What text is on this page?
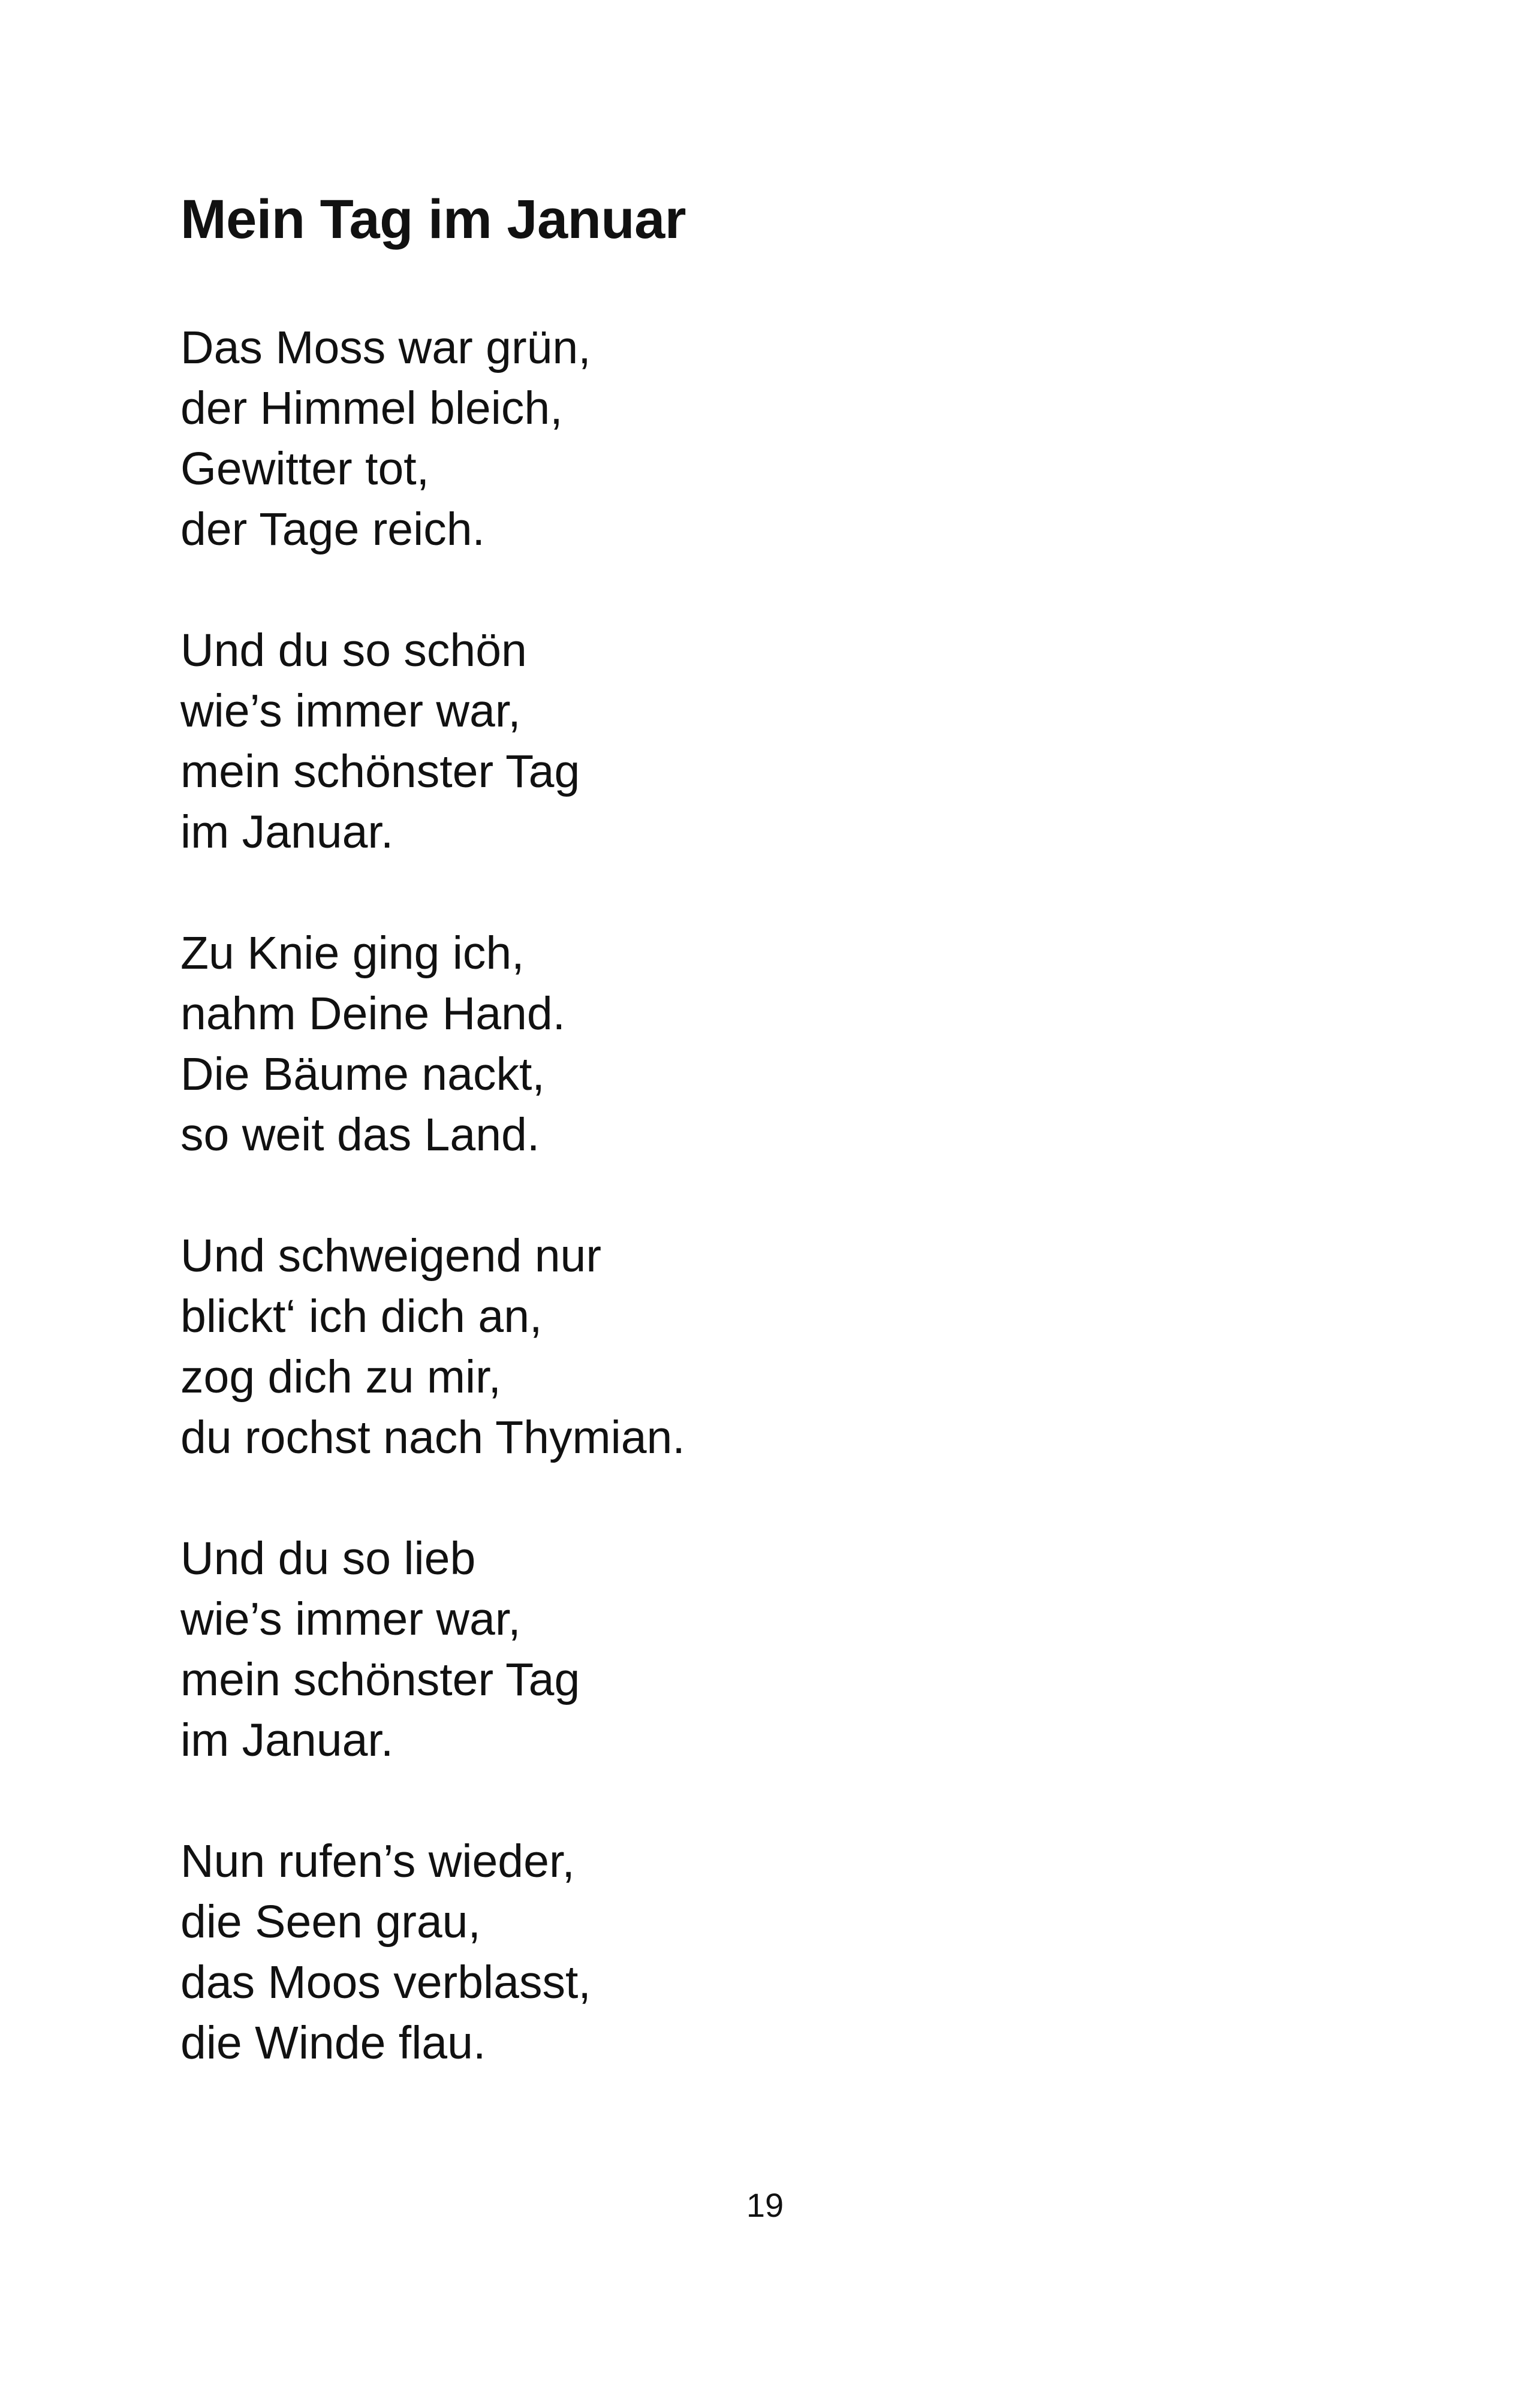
Mein Tag im Januar
Das Moss war grün,
der Himmel bleich,
Gewitter tot,
der Tage reich.
Und du so schön
wie’s immer war,
mein schönster Tag
im Januar.
Zu Knie ging ich,
nahm Deine Hand.
Die Bäume nackt,
so weit das Land.
Und schweigend nur
blickt‘ ich dich an,
zog dich zu mir,
du rochst nach Thymian.
Und du so lieb
wie’s immer war,
mein schönster Tag
im Januar.
Nun rufen’s wieder,
die Seen grau,
das Moos verblasst,
die Winde flau.
19
